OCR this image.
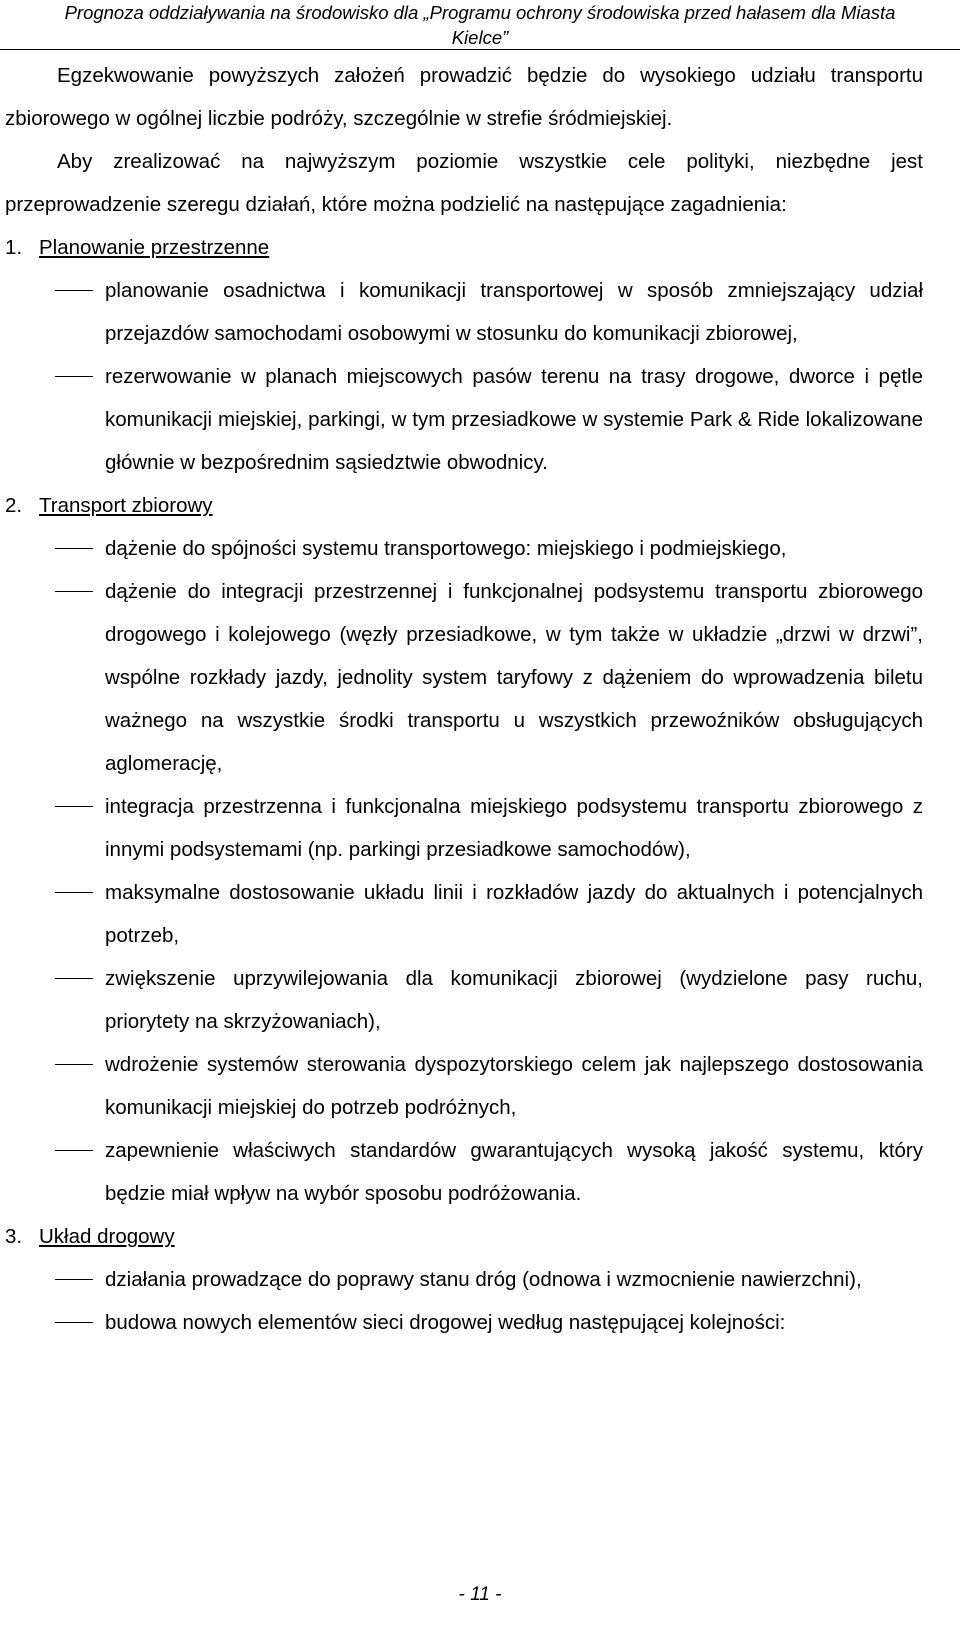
Prognoza oddziaływania na środowisko dla „Programu ochrony środowiska przed hałasem dla Miasta
Kielce”

Egzekwowanie powyższych założeń prowadzić będzie do wysokiego udziału transportu zbiorowego w ogólnej liczbie podróży, szczególnie w strefie śródmiejskiej.

Aby zrealizować na najwyższym poziomie wszystkie cele polityki, niezbędne jest przeprowadzenie szeregu działań, które można podzielić na następujące zagadnienia:

1. Planowanie przestrzenne
planowanie osadnictwa i komunikacji transportowej w sposób zmniejszający udział przejazdów samochodami osobowymi w stosunku do komunikacji zbiorowej,
rezerwowanie w planach miejscowych pasów terenu na trasy drogowe, dworce i pętle komunikacji miejskiej, parkingi, w tym przesiadkowe w systemie Park & Ride lokalizowane głównie w bezpośrednim sąsiedztwie obwodnicy.
2. Transport zbiorowy
dążenie do spójności systemu transportowego: miejskiego i podmiejskiego,
dążenie do integracji przestrzennej i funkcjonalnej podsystemu transportu zbiorowego drogowego i kolejowego (węzły przesiadkowe, w tym także w układzie „drzwi w drzwi”, wspólne rozkłady jazdy, jednolity system taryfowy z dążeniem do wprowadzenia biletu ważnego na wszystkie środki transportu u wszystkich przewoźników obsługujących aglomerację,
integracja przestrzenna i funkcjonalna miejskiego podsystemu transportu zbiorowego z innymi podsystemami (np. parkingi przesiadkowe samochodów),
maksymalne dostosowanie układu linii i rozkładów jazdy do aktualnych i potencjalnych potrzeb,
zwiększenie uprzywilejowania dla komunikacji zbiorowej (wydzielone pasy ruchu, priorytety na skrzyżowaniach),
wdrożenie systemów sterowania dyspozytorskiego celem jak najlepszego dostosowania komunikacji miejskiej do potrzeb podróżnych,
zapewnienie właściwych standardów gwarantujących wysoką jakość systemu, który będzie miał wpływ na wybór sposobu podróżowania.
3. Układ drogowy
działania prowadzące do poprawy stanu dróg (odnowa i wzmocnienie nawierzchni),
budowa nowych elementów sieci drogowej według następującej kolejności:
- 11 -
